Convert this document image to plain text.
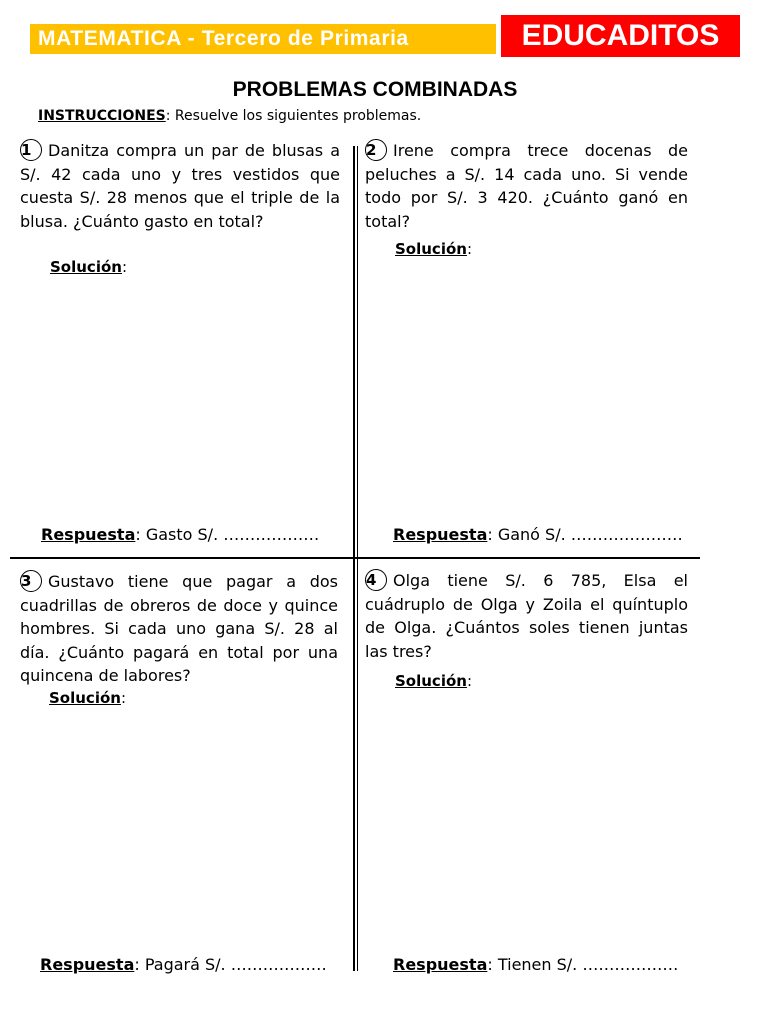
MATEMATICA - Tercero de Primaria	EDUCADITOS
PROBLEMAS COMBINADAS
INSTRUCCIONES: Resuelve los siguientes problemas.
1 Danitza compra un par de blusas a S/. 42 cada uno y tres vestidos que cuesta S/. 28 menos que el triple de la blusa. ¿Cuánto gasto en total?
Solución:
Respuesta: Gasto S/. ………………
2 Irene compra trece docenas de peluches a S/. 14 cada uno. Si vende todo por S/. 3 420. ¿Cuánto ganó en total?
Solución:
Respuesta: Ganó S/. …………………
3 Gustavo tiene que pagar a dos cuadrillas de obreros de doce y quince hombres. Si cada uno gana S/. 28 al día. ¿Cuánto pagará en total por una quincena de labores?
Solución:
Respuesta: Pagará S/. ………………
4 Olga tiene S/. 6 785, Elsa el cuádruplo de Olga y Zoila el quíntuplo de Olga. ¿Cuántos soles tienen juntas las tres?
Solución:
Respuesta: Tienen S/. ………………
